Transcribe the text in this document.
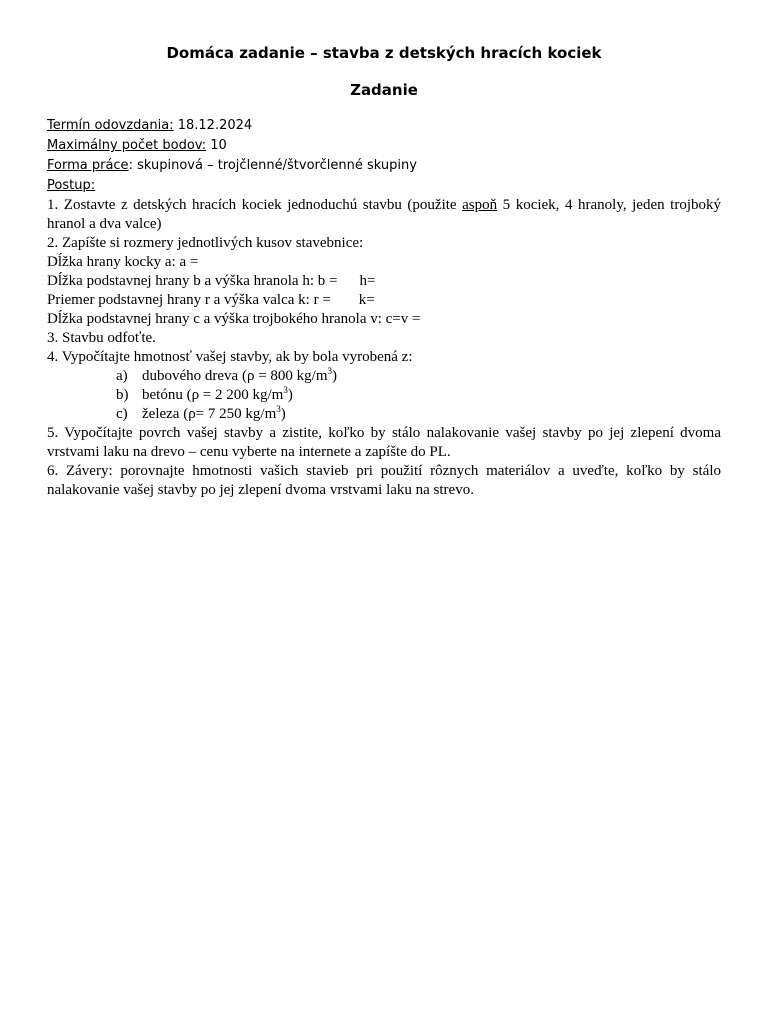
Domáca zadanie – stavba z detských hracích kociek
Zadanie
Termín odovzdania: 18.12.2024
Maximálny počet bodov: 10
Forma práce: skupinová – trojčlenné/štvorčlenné skupiny
Postup:

1. Zostavte z detských hracích kociek jednoduchú stavbu (použite aspoň 5 kociek, 4 hranoly, jeden trojboký hranol a dva valce)

2. Zapíšte si rozmery jednotlivých kusov stavebnice:

Dĺžka hrany kocky a: a =

Dĺžka podstavnej hrany b a výška hranola h: b = h=

Priemer podstavnej hrany r a výška valca k: r = k=

Dĺžka podstavnej hrany c a výška trojbokého hranola v: c=v =

3. Stavbu odfoťte.

4. Vypočítajte hmotnosť vašej stavby, ak by bola vyrobená z:

a) dubového dreva (ρ = 800 $kg/m^3$)
b) betónu (ρ = 2 200 $kg/m^3$)
c) železa (ρ= 7 250 $kg/m^3$)

5. Vypočítajte povrch vašej stavby a zistite, koľko by stálo nalakovanie vašej stavby po jej zlepení dvoma vrstvami laku na drevo – cenu vyberte na internete a zapíšte do PL.

6. Závery: porovnajte hmotnosti vašich stavieb pri použití rôznych materiálov a uveďte, koľko by stálo nalakovanie vašej stavby po jej zlepení dvoma vrstvami laku na strevo.
